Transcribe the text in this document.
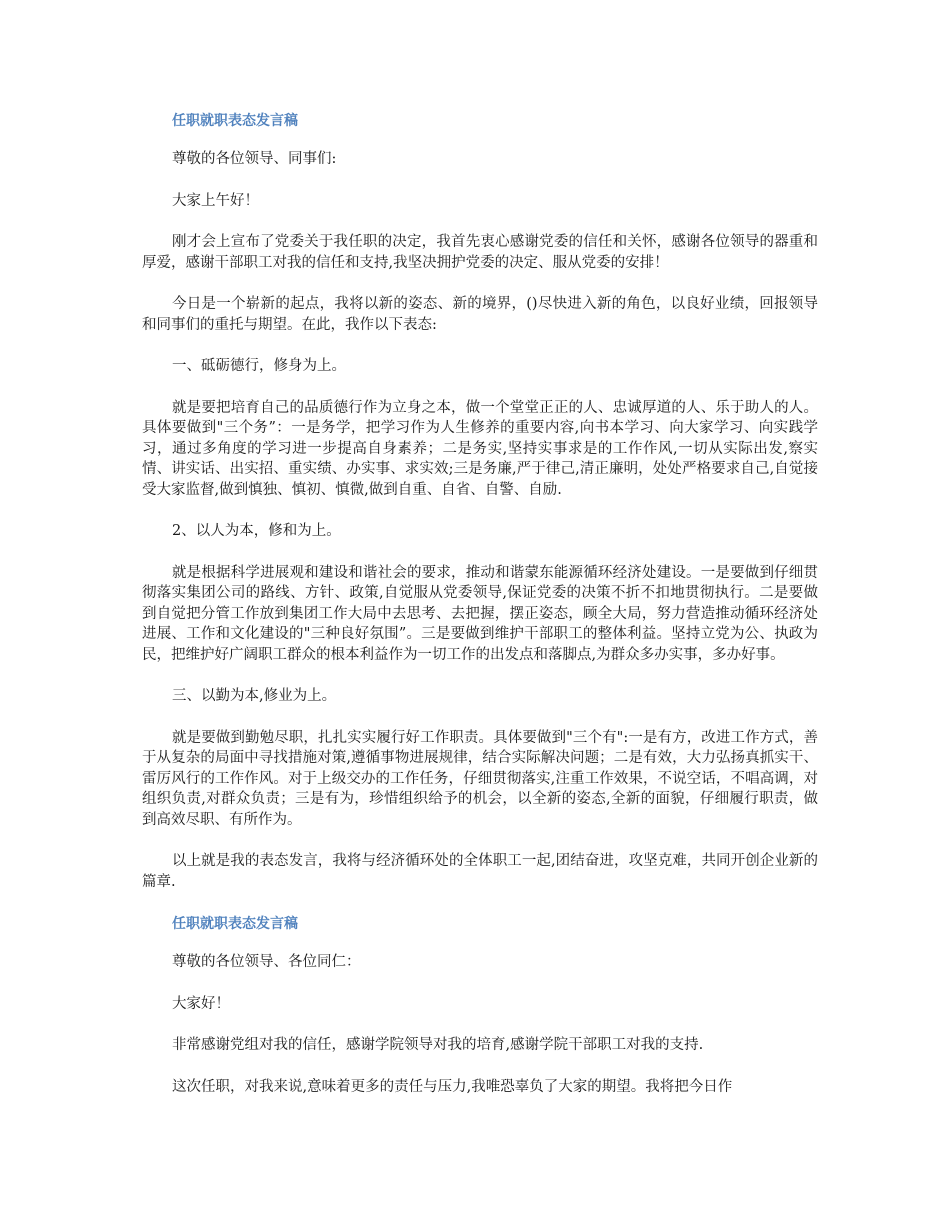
任职就职表态发言稿

尊敬的各位领导、同事们:

大家上午好！

刚才会上宣布了党委关于我任职的决定，我首先衷心感谢党委的信任和关怀，感谢各位领导的器重和厚爱，感谢干部职工对我的信任和支持,我坚决拥护党委的决定、服从党委的安排！

今日是一个崭新的起点，我将以新的姿态、新的境界，()尽快进入新的角色，以良好业绩，回报领导和同事们的重托与期望。在此，我作以下表态:

一、砥砺德行，修身为上。

就是要把培育自己的品质德行作为立身之本，做一个堂堂正正的人、忠诚厚道的人、乐于助人的人。具体要做到"三个务”：一是务学，把学习作为人生修养的重要内容,向书本学习、向大家学习、向实践学习，通过多角度的学习进一步提高自身素养；二是务实,坚持实事求是的工作作风,一切从实际出发,察实情、讲实话、出实招、重实绩、办实事、求实效;三是务廉,严于律己,清正廉明，处处严格要求自己,自觉接受大家监督,做到慎独、慎初、慎微,做到自重、自省、自警、自励.

2、以人为本，修和为上。

就是根据科学进展观和建设和谐社会的要求，推动和谐蒙东能源循环经济处建设。一是要做到仔细贯彻落实集团公司的路线、方针、政策,自觉服从党委领导,保证党委的决策不折不扣地贯彻执行。二是要做到自觉把分管工作放到集团工作大局中去思考、去把握，摆正姿态，顾全大局，努力营造推动循环经济处进展、工作和文化建设的"三种良好氛围”。三是要做到维护干部职工的整体利益。坚持立党为公、执政为民，把维护好广阔职工群众的根本利益作为一切工作的出发点和落脚点,为群众多办实事，多办好事。

三、以勤为本,修业为上。

就是要做到勤勉尽职，扎扎实实履行好工作职责。具体要做到"三个有":一是有方，改进工作方式，善于从复杂的局面中寻找措施对策,遵循事物进展规律，结合实际解决问题；二是有效，大力弘扬真抓实干、雷厉风行的工作作风。对于上级交办的工作任务，仔细贯彻落实,注重工作效果，不说空话，不唱高调，对组织负责,对群众负责；三是有为，珍惜组织给予的机会，以全新的姿态,全新的面貌，仔细履行职责，做到高效尽职、有所作为。

以上就是我的表态发言，我将与经济循环处的全体职工一起,团结奋进，攻坚克难，共同开创企业新的篇章.

任职就职表态发言稿

尊敬的各位领导、各位同仁：

大家好！

非常感谢党组对我的信任，感谢学院领导对我的培育,感谢学院干部职工对我的支持.

这次任职，对我来说,意味着更多的责任与压力,我唯恐辜负了大家的期望。我将把今日作
